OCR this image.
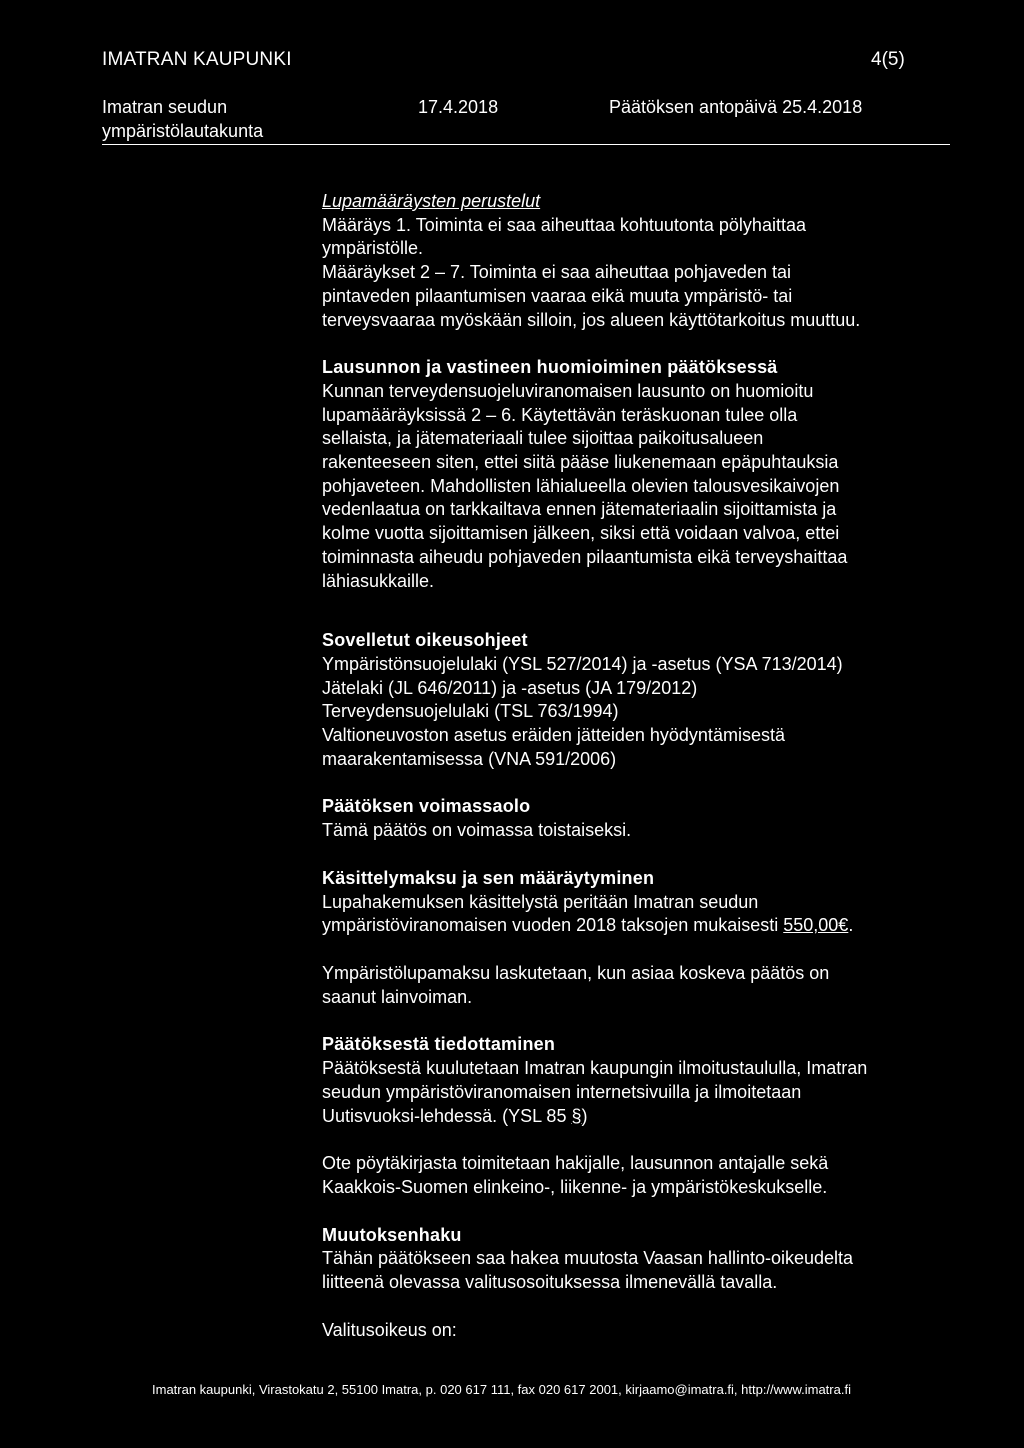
IMATRAN KAUPUNKI	4(5)
Imatran seudun
ympäristölautakunta
17.4.2018	Päätöksen antopäivä 25.4.2018

Lupamääräysten perustelut

Määräys 1. Toiminta ei saa aiheuttaa kohtuutonta pölyhaittaa

ympäristölle.

Määräykset 2 – 7. Toiminta ei saa aiheuttaa pohjaveden tai

pintaveden pilaantumisen vaaraa eikä muuta ympäristö- tai

terveysvaaraa myöskään silloin, jos alueen käyttötarkoitus muuttuu.

Lausunnon ja vastineen huomioiminen päätöksessä

Kunnan terveydensuojeluviranomaisen lausunto on huomioitu

lupamääräyksissä 2 – 6. Käytettävän teräskuonan tulee olla

sellaista, ja jätemateriaali tulee sijoittaa paikoitusalueen

rakenteeseen siten, ettei siitä pääse liukenemaan epäpuhtauksia

pohjaveteen. Mahdollisten lähialueella olevien talousvesikaivojen

vedenlaatua on tarkkailtava ennen jätemateriaalin sijoittamista ja

kolme vuotta sijoittamisen jälkeen, siksi että voidaan valvoa, ettei

toiminnasta aiheudu pohjaveden pilaantumista eikä terveyshaittaa

lähiasukkaille.

Sovelletut oikeusohjeet

Ympäristönsuojelulaki (YSL 527/2014) ja -asetus (YSA 713/2014)

Jätelaki (JL 646/2011) ja -asetus (JA 179/2012)

Terveydensuojelulaki (TSL 763/1994)

Valtioneuvoston asetus eräiden jätteiden hyödyntämisestä

maarakentamisessa (VNA 591/2006)

Päätöksen voimassaolo

Tämä päätös on voimassa toistaiseksi.

Käsittelymaksu ja sen määräytyminen

Lupahakemuksen käsittelystä peritään Imatran seudun

ympäristöviranomaisen vuoden 2018 taksojen mukaisesti 550,00€.

Ympäristölupamaksu laskutetaan, kun asiaa koskeva päätös on

saanut lainvoiman.

Päätöksestä tiedottaminen

Päätöksestä kuulutetaan Imatran kaupungin ilmoitustaululla, Imatran

seudun ympäristöviranomaisen internetsivuilla ja ilmoitetaan

Uutisvuoksi-lehdessä. (YSL 85 §)

Ote pöytäkirjasta toimitetaan hakijalle, lausunnon antajalle sekä

Kaakkois-Suomen elinkeino-, liikenne- ja ympäristökeskukselle.

Muutoksenhaku

Tähän päätökseen saa hakea muutosta Vaasan hallinto-oikeudelta

liitteenä olevassa valitusosoituksessa ilmenevällä tavalla.

Valitusoikeus on:

Imatran kaupunki, Virastokatu 2, 55100 Imatra, p. 020 617 111, fax 020 617 2001, kirjaamo@imatra.fi, http://www.imatra.fi
